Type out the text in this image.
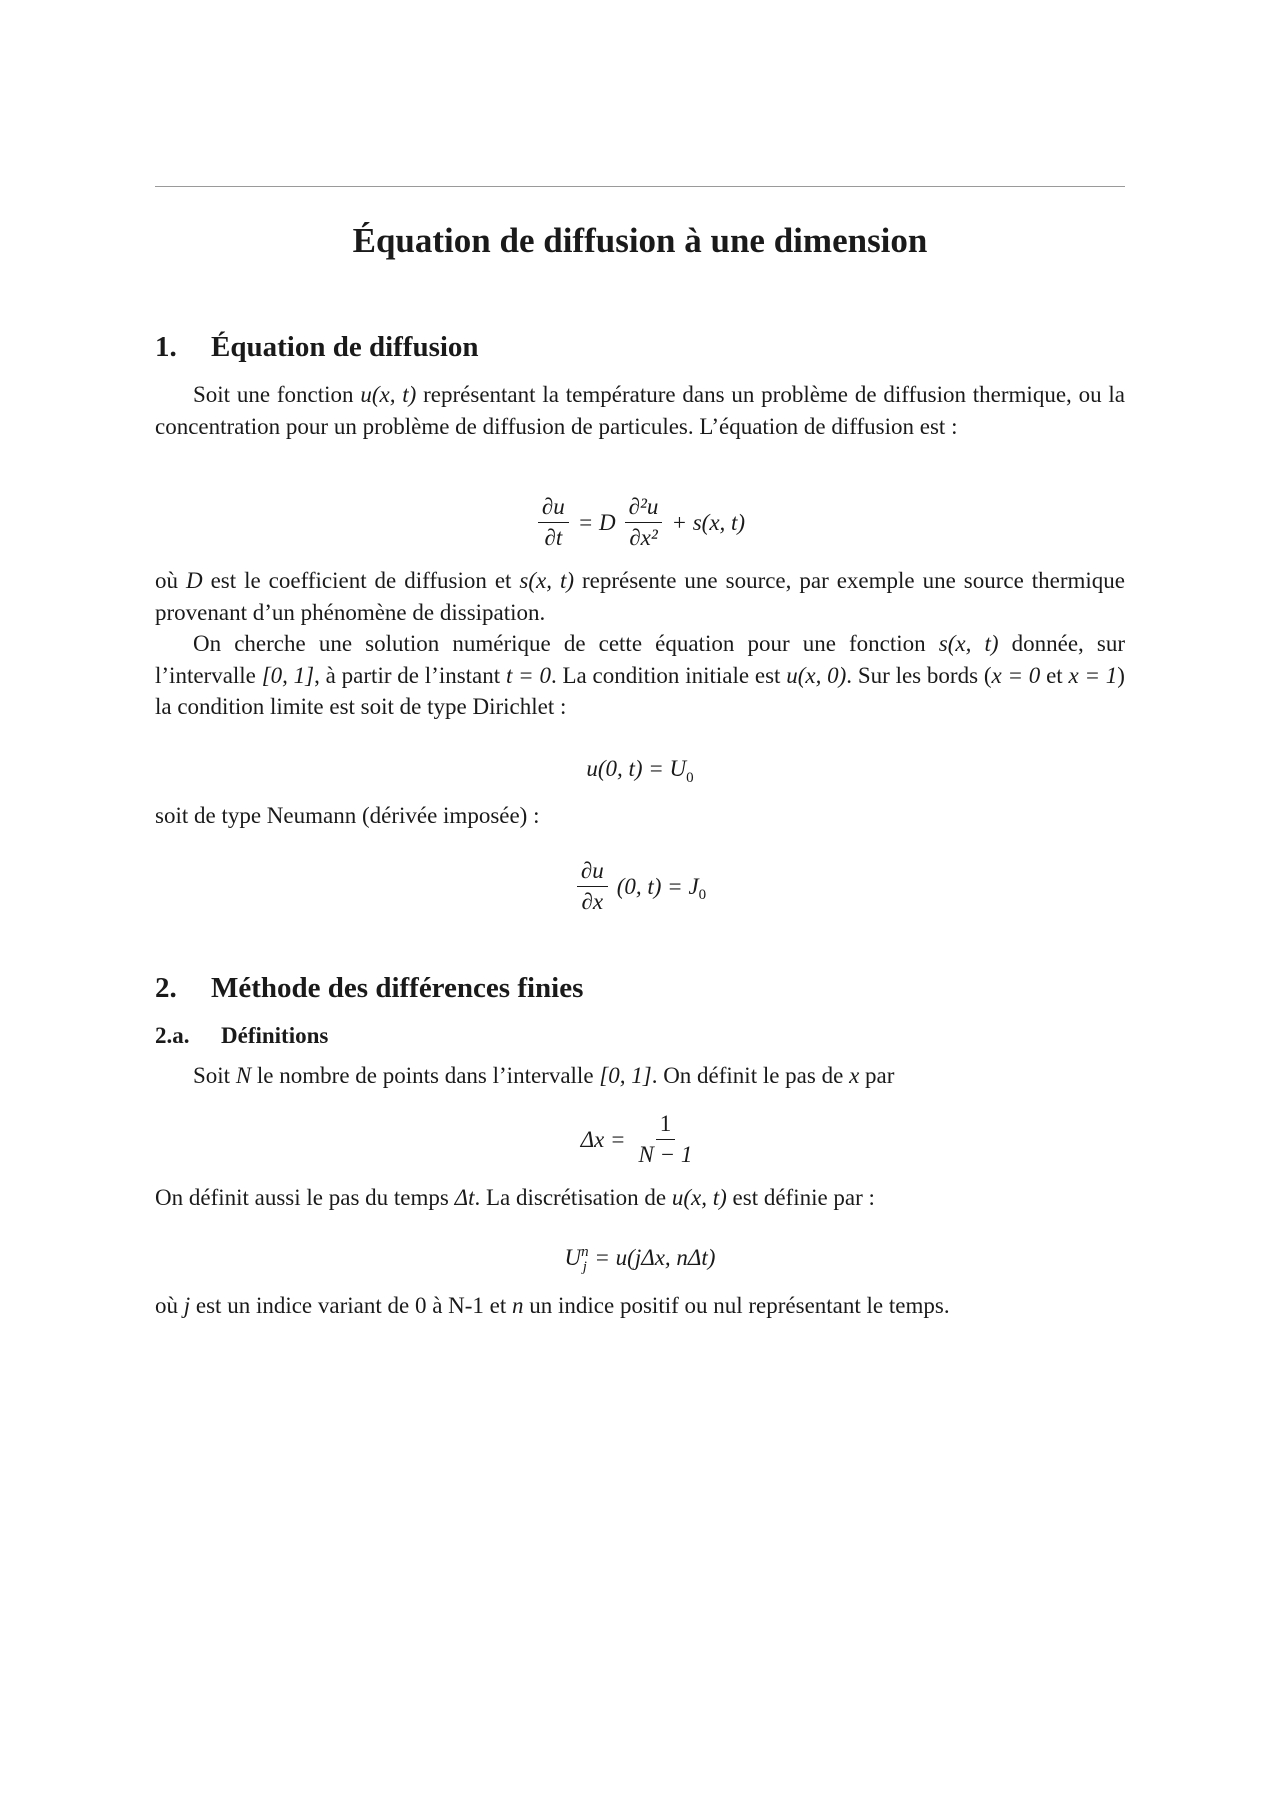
Équation de diffusion à une dimension
1. Équation de diffusion

Soit une fonction u(x, t) représentant la température dans un problème de diffusion thermique, ou la concentration pour un problème de diffusion de particules. L’équation de diffusion est :

$\frac{\partial u}{\partial t} = D \frac{\text{∂²u}}{\text{∂x²}} + s(x$, t)

où D est le coefficient de diffusion et s(x, t) représente une source, par exemple une source thermique provenant d’un phénomène de dissipation.

On cherche une solution numérique de cette équation pour une fonction s(x, t) donnée, sur l’intervalle [0, 1], à partir de l’instant t = 0. La condition initiale est u(x, 0). Sur les bords (x = 0 et x = 1) la condition limite est soit de type Dirichlet :

u(0, $t) = U_0$

soit de type Neumann (dérivée imposée) :

$\frac{\partial u}{\partial x} (0$, $t) = J_0$
2. Méthode des différences finies
2.a. Définitions

Soit N le nombre de points dans l’intervalle [0, 1]. On définit le pas de x par

$\Delta x = \frac{1}{N - 1}$

On définit aussi le pas du temps Δt. La discrétisation de u(x, t) est définie par :

U n
j = u(jΔx, nΔt)

où j est un indice variant de 0 à N-1 et n un indice positif ou nul représentant le temps.
